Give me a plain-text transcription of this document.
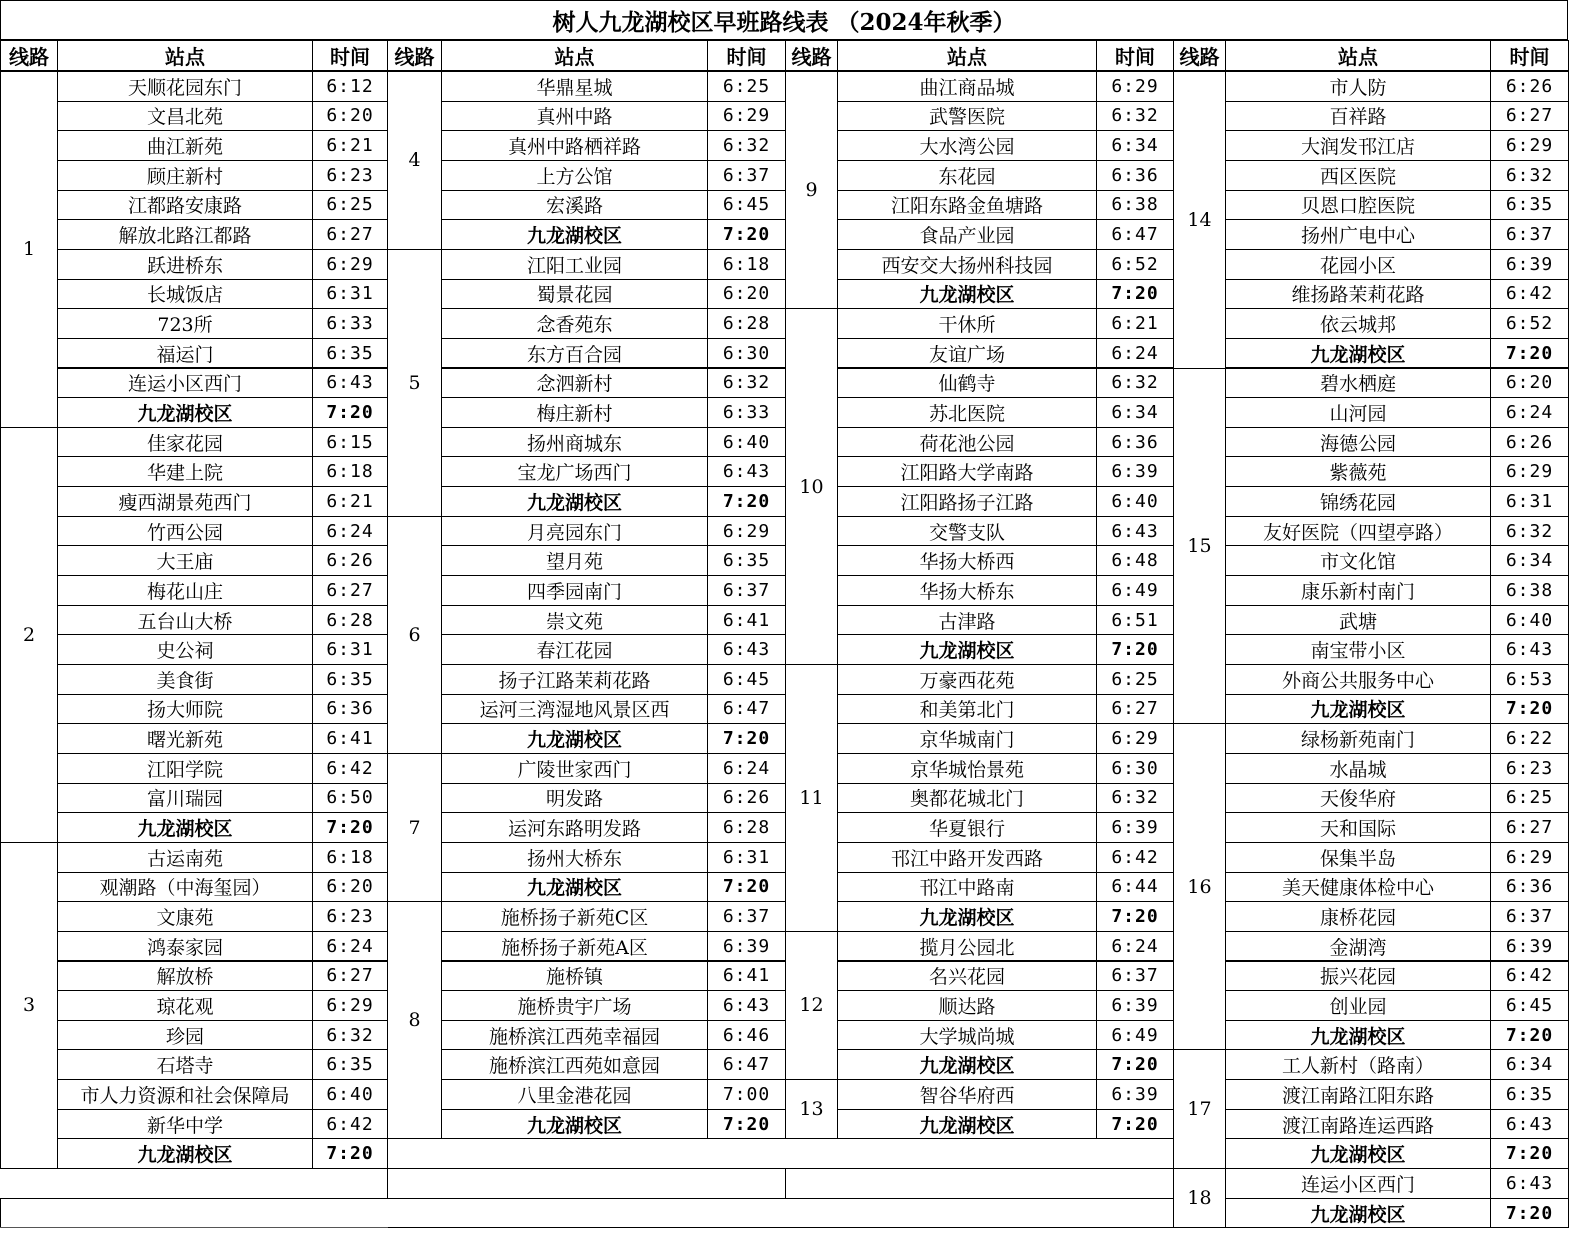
树人九龙湖校区早班路线表 （2024年秋季）
线路	站点	时间
1
天顺花园东门	6:12
文昌北苑	6:20
曲江新苑	6:21
顾庄新村	6:23
江都路安康路	6:25
解放北路江都路	6:27
跃进桥东	6:29
长城饭店	6:31
723所	6:33
福运门	6:35
连运小区西门	6:43
九龙湖校区	7:20
2
佳家花园	6:15
华建上院	6:18
瘦西湖景苑西门	6:21
竹西公园	6:24
大王庙	6:26
梅花山庄	6:27
五台山大桥	6:28
史公祠	6:31
美食街	6:35
扬大师院	6:36
曙光新苑	6:41
江阳学院	6:42
富川瑞园	6:50
九龙湖校区	7:20
3
古运南苑	6:18
观潮路（中海玺园）	6:20
文康苑	6:23
鸿泰家园	6:24
解放桥	6:27
琼花观	6:29
珍园	6:32
石塔寺	6:35
市人力资源和社会保障局	6:40
新华中学	6:42
九龙湖校区	7:20
线路	站点	时间
4
华鼎星城	6:25
真州中路	6:29
真州中路栖祥路	6:32
上方公馆	6:37
宏溪路	6:45
九龙湖校区	7:20
5
江阳工业园	6:18
蜀景花园	6:20
念香苑东	6:28
东方百合园	6:30
念泗新村	6:32
梅庄新村	6:33
扬州商城东	6:40
宝龙广场西门	6:43
九龙湖校区	7:20
6
月亮园东门	6:29
望月苑	6:35
四季园南门	6:37
崇文苑	6:41
春江花园	6:43
扬子江路茉莉花路	6:45
运河三湾湿地风景区西	6:47
九龙湖校区	7:20
7
广陵世家西门	6:24
明发路	6:26
运河东路明发路	6:28
扬州大桥东	6:31
九龙湖校区	7:20
8
施桥扬子新苑C区	6:37
施桥扬子新苑A区	6:39
施桥镇	6:41
施桥贵宇广场	6:43
施桥滨江西苑幸福园	6:46
施桥滨江西苑如意园	6:47
八里金港花园	7:00
九龙湖校区	7:20
线路	站点	时间
9
曲江商品城	6:29
武警医院	6:32
大水湾公园	6:34
东花园	6:36
江阳东路金鱼塘路	6:38
食品产业园	6:47
西安交大扬州科技园	6:52
九龙湖校区	7:20
10
干休所	6:21
友谊广场	6:24
仙鹤寺	6:32
苏北医院	6:34
荷花池公园	6:36
江阳路大学南路	6:39
江阳路扬子江路	6:40
交警支队	6:43
华扬大桥西	6:48
华扬大桥东	6:49
古津路	6:51
九龙湖校区	7:20
11
万豪西花苑	6:25
和美第北门	6:27
京华城南门	6:29
京华城怡景苑	6:30
奥都花城北门	6:32
华夏银行	6:39
邗江中路开发西路	6:42
邗江中路南	6:44
九龙湖校区	7:20
12
揽月公园北	6:24
名兴花园	6:37
顺达路	6:39
大学城尚城	6:49
九龙湖校区	7:20
13
智谷华府西	6:39
九龙湖校区	7:20
线路	站点	时间
14
市人防	6:26
百祥路	6:27
大润发邗江店	6:29
西区医院	6:32
贝恩口腔医院	6:35
扬州广电中心	6:37
花园小区	6:39
维扬路茉莉花路	6:42
依云城邦	6:52
九龙湖校区	7:20
15
碧水栖庭	6:20
山河园	6:24
海德公园	6:26
紫薇苑	6:29
锦绣花园	6:31
友好医院（四望亭路）	6:32
市文化馆	6:34
康乐新村南门	6:38
武塘	6:40
南宝带小区	6:43
外商公共服务中心	6:53
九龙湖校区	7:20
16
绿杨新苑南门	6:22
水晶城	6:23
天俊华府	6:25
天和国际	6:27
保集半岛	6:29
美天健康体检中心	6:36
康桥花园	6:37
金湖湾	6:39
振兴花园	6:42
创业园	6:45
九龙湖校区	7:20
17
工人新村（路南）	6:34
渡江南路江阳东路	6:35
渡江南路连运西路	6:43
九龙湖校区	7:20
18
连运小区西门	6:43
九龙湖校区	7:20
